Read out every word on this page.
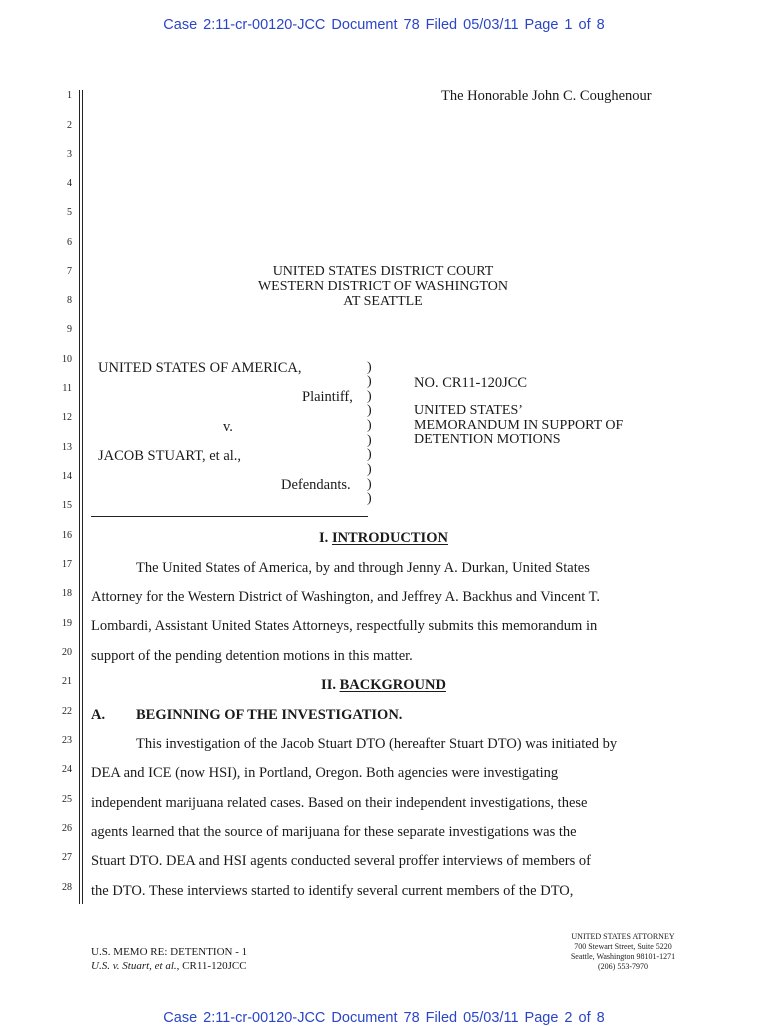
Case 2:11-cr-00120-JCC Document 78 Filed 05/03/11 Page 1 of 8
1
2
3
4
5
6
7
8
9
10
11
12
13
14
15
16
17
18
19
20
21
22
23
24
25
26
27
28
The Honorable John C. Coughenour
UNITED STATES DISTRICT COURT
WESTERN DISTRICT OF WASHINGTON
AT SEATTLE
UNITED STATES OF AMERICA,
Plaintiff,
v.
JACOB STUART, et al.,
Defendants.
)
)
)
)
)
)
)
)
)
)
NO. CR11-120JCC
UNITED STATES’
MEMORANDUM IN SUPPORT OF
DETENTION MOTIONS
I. INTRODUCTION
The United States of America, by and through Jenny A. Durkan, United States
Attorney for the Western District of Washington, and Jeffrey A. Backhus and Vincent T.
Lombardi, Assistant United States Attorneys, respectfully submits this memorandum in
support of the pending detention motions in this matter.
II. BACKGROUND
A. BEGINNING OF THE INVESTIGATION.
This investigation of the Jacob Stuart DTO (hereafter Stuart DTO) was initiated by
DEA and ICE (now HSI), in Portland, Oregon. Both agencies were investigating
independent marijuana related cases. Based on their independent investigations, these
agents learned that the source of marijuana for these separate investigations was the
Stuart DTO. DEA and HSI agents conducted several proffer interviews of members of
the DTO. These interviews started to identify several current members of the DTO,
U.S. MEMO RE: DETENTION - 1
U.S. v. Stuart, et al., CR11-120JCC
UNITED STATES ATTORNEY
700 Stewart Street, Suite 5220
Seattle, Washington 98101-1271
(206) 553-7970
Case 2:11-cr-00120-JCC Document 78 Filed 05/03/11 Page 2 of 8
